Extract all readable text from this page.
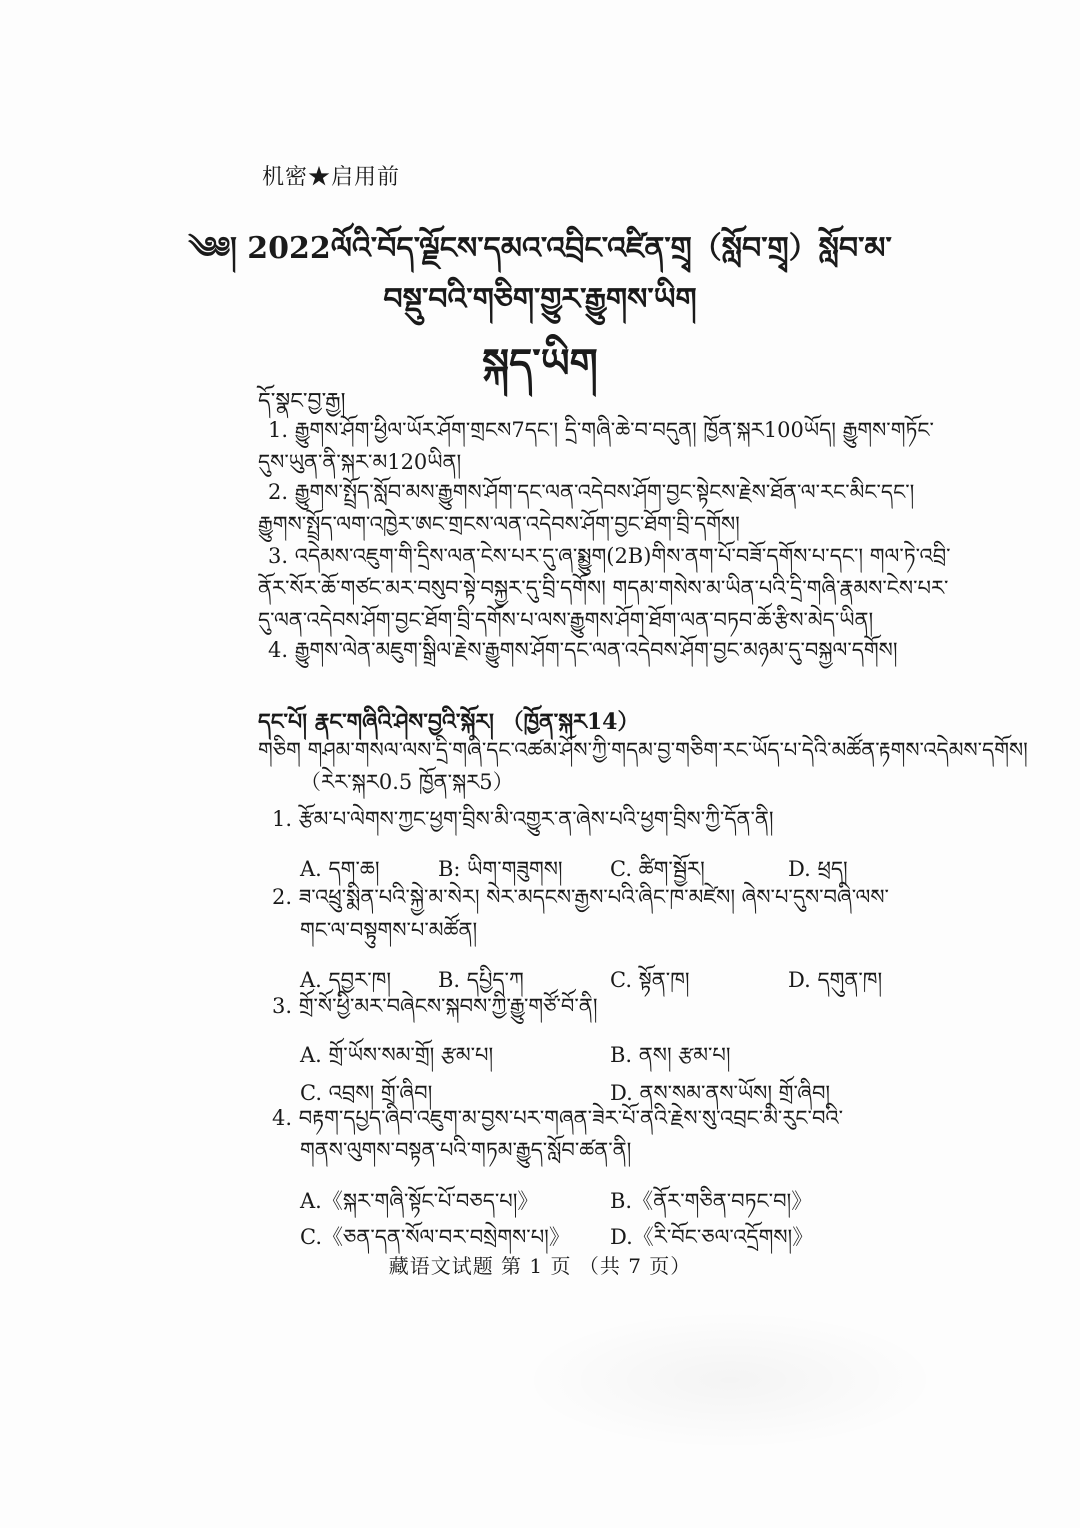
机密★启用前
༄༅། 2022ལོའི་བོད་ལྗོངས་དམའ་འབྲིང་འཛིན་གྲྭ（སློབ་གྲྭ）སློབ་མ་
བསྡུ་བའི་གཅིག་གྱུར་རྒྱུགས་ཡིག
སྐད་ཡིག
དོ་སྣང་བྱ་རྒྱ།
1. རྒྱུགས་ཤོག་ཕྱིལ་ཡོར་ཤོག་གྲངས7དང་། དྲི་གཞི་ཆེ་བ་བདུན། ཁྱོན་སྐར100ཡོད། རྒྱུགས་གཏོང་
དུས་ཡུན་ནི་སྐར་མ120ཡིན།
2. རྒྱུགས་སྤྲོད་སློབ་མས་རྒྱུགས་ཤོག་དང་ལན་འདེབས་ཤོག་བྱང་སྟེངས་རྗེས་ཐོན་ལ་རང་མིང་དང་།
རྒྱུགས་སྤྲོད་ལག་འཁྱེར་ཨང་གྲངས་ལན་འདེབས་ཤོག་བྱང་ཐོག་བྲི་དགོས།
3. འདེམས་འཇུག་གི་དྲིས་ལན་ངེས་པར་དུ་ཞ་སྨྱུག(2B)གིས་ནག་པོ་བཟོ་དགོས་པ་དང་། གལ་ཏེ་འབྲི་
ནོར་སོར་ཆོ་གཙང་མར་བསུབ་སྟེ་བསྐྱར་དུ་བྲི་དགོས། གདམ་གསེས་མ་ཡིན་པའི་དྲི་གཞི་རྣམས་ངེས་པར་
དུ་ལན་འདེབས་ཤོག་བྱང་ཐོག་བྲི་དགོས་པ་ལས་རྒྱུགས་ཤོག་ཐོག་ལན་བཏབ་ཆོ་རྩིས་མེད་ཡིན།
4. རྒྱུགས་ལེན་མཇུག་སྒྲིལ་རྗེས་རྒྱུགས་ཤོག་དང་ལན་འདེབས་ཤོག་བྱང་མཉམ་དུ་བསྐྱལ་དགོས།
དང་པོ། རྣང་གཞིའི་ཤེས་བྱའི་སྐོར། （ཁྱོན་སྐར14）
གཅིག གཤམ་གསལ་ལས་དྲི་གཞི་དང་འཚམ་ཤོས་ཀྱི་གདམ་བྱ་གཅིག་རང་ཡོད་པ་དེའི་མཚོན་རྟགས་འདེམས་དགོས།
（རེར་སྐར0.5 ཁྱོན་སྐར5）
1. རྩོམ་པ་ལེགས་ཀྱང་ཕྱག་བྲིས་མི་འགྱུར་ན་ཞེས་པའི་ཕྱག་བྲིས་ཀྱི་དོན་ནི།
A. དག་ཆ།	B: ཡིག་གཟུགས། C. ཚིག་སྦྱོར།	D. ཕྲད།
2. ཟ་འཕྲུ་སྨིན་པའི་སྐྱེ་མ་སེར། སེར་མདངས་རྒྱས་པའི་ཞིང་ཁ་མཛེས། ཞེས་པ་དུས་བཞི་ལས་
གང་ལ་བསྟུགས་པ་མཚོན།
A. དབྱར་ཁ། B. དཔྱིད་ཀ	C. སྟོན་ཁ།	D. དགུན་ཁ།
3. གྲོ་སོ་ཕྱི་མར་བཞེངས་སྐབས་ཀྱི་རྒྱུ་གཙོ་བོ་ནི།
A. གྲོ་ཡོས་སམ་གྲོ། རྩམ་པ།	B. ནས། རྩམ་པ།
C. འབྲས། གྲོ་ཞིབ།	D. ནས་སམ་ནས་ཡོས། གྲོ་ཞིབ།
4. བརྟག་དཔྱད་ཞིབ་འཇུག་མ་བྱས་པར་གཞན་ཟེར་པོ་ནའི་རྗེས་སུ་འབྲང་མི་རུང་བའི་
གནས་ལུགས་བསྟན་པའི་གཏམ་རྒྱུད་སློབ་ཚན་ནི།
A.《སྐར་གཞི་སྟོང་པོ་བཅད་པ།》	B.《ནོར་གཅིན་བཏང་བ།》
C.《ཅན་དན་སོལ་བར་བསྲེགས་པ།》 D.《རི་བོང་ཅལ་འདྲོགས།》
藏语文试题 第 1 页 （共 7 页）
